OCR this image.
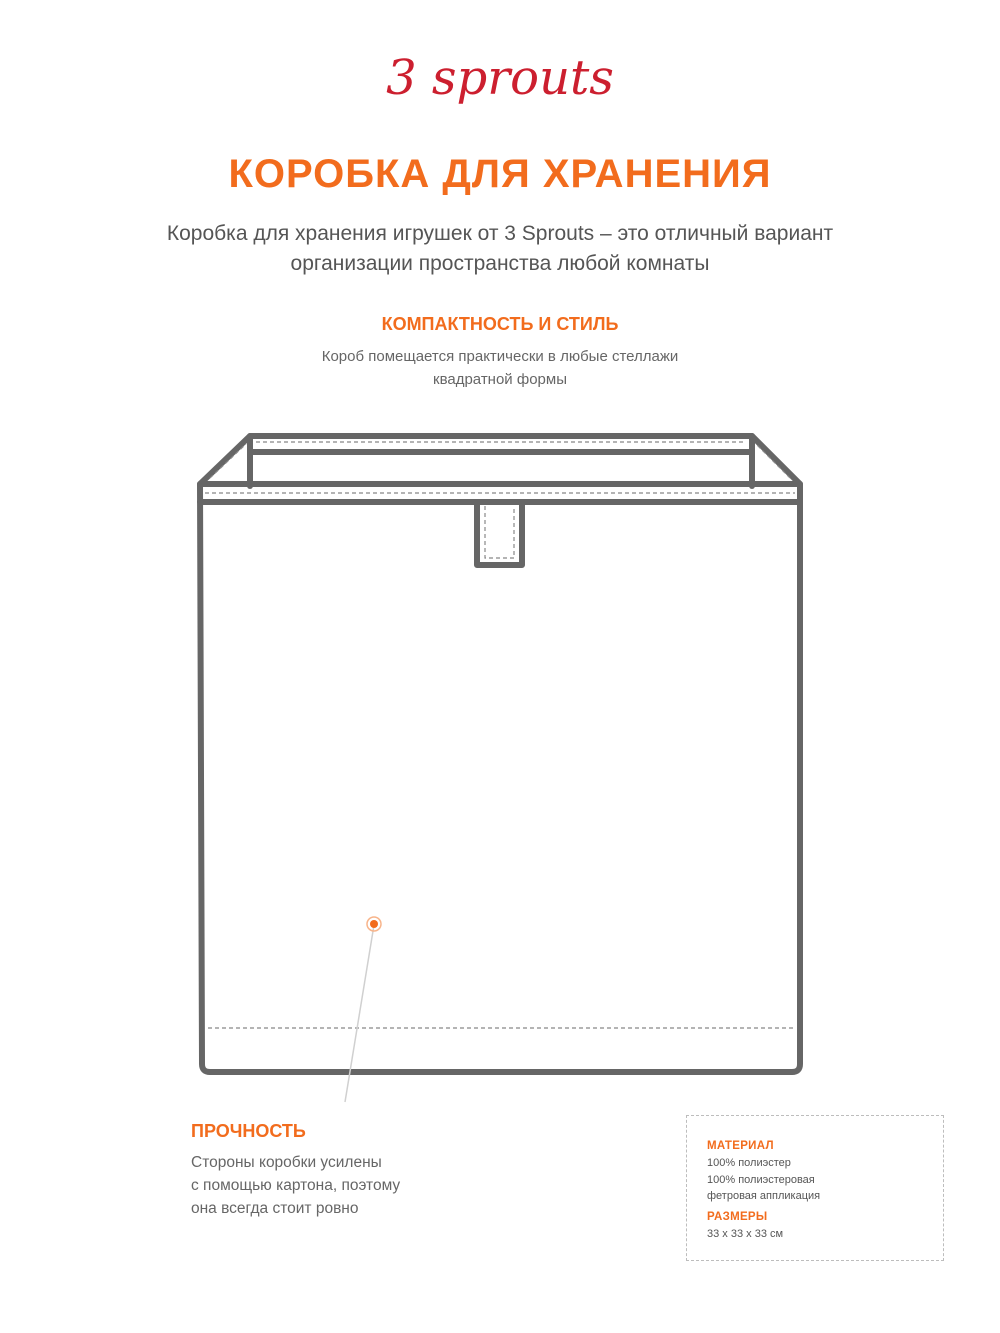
3 sprouts
КОРОБКА ДЛЯ ХРАНЕНИЯ
Коробка для хранения игрушек от 3 Sprouts – это отличный вариант
организации пространства любой комнаты
КОМПАКТНОСТЬ И СТИЛЬ
Короб помещается практически в любые стеллажи
квадратной формы
ПРОЧНОСТЬ
Стороны коробки усилены
с помощью картона, поэтому
она всегда стоит ровно
МАТЕРИАЛ
100% полиэстер
100% полиэстеровая
фетровая аппликация
РАЗМЕРЫ
33 х 33 х 33 см
